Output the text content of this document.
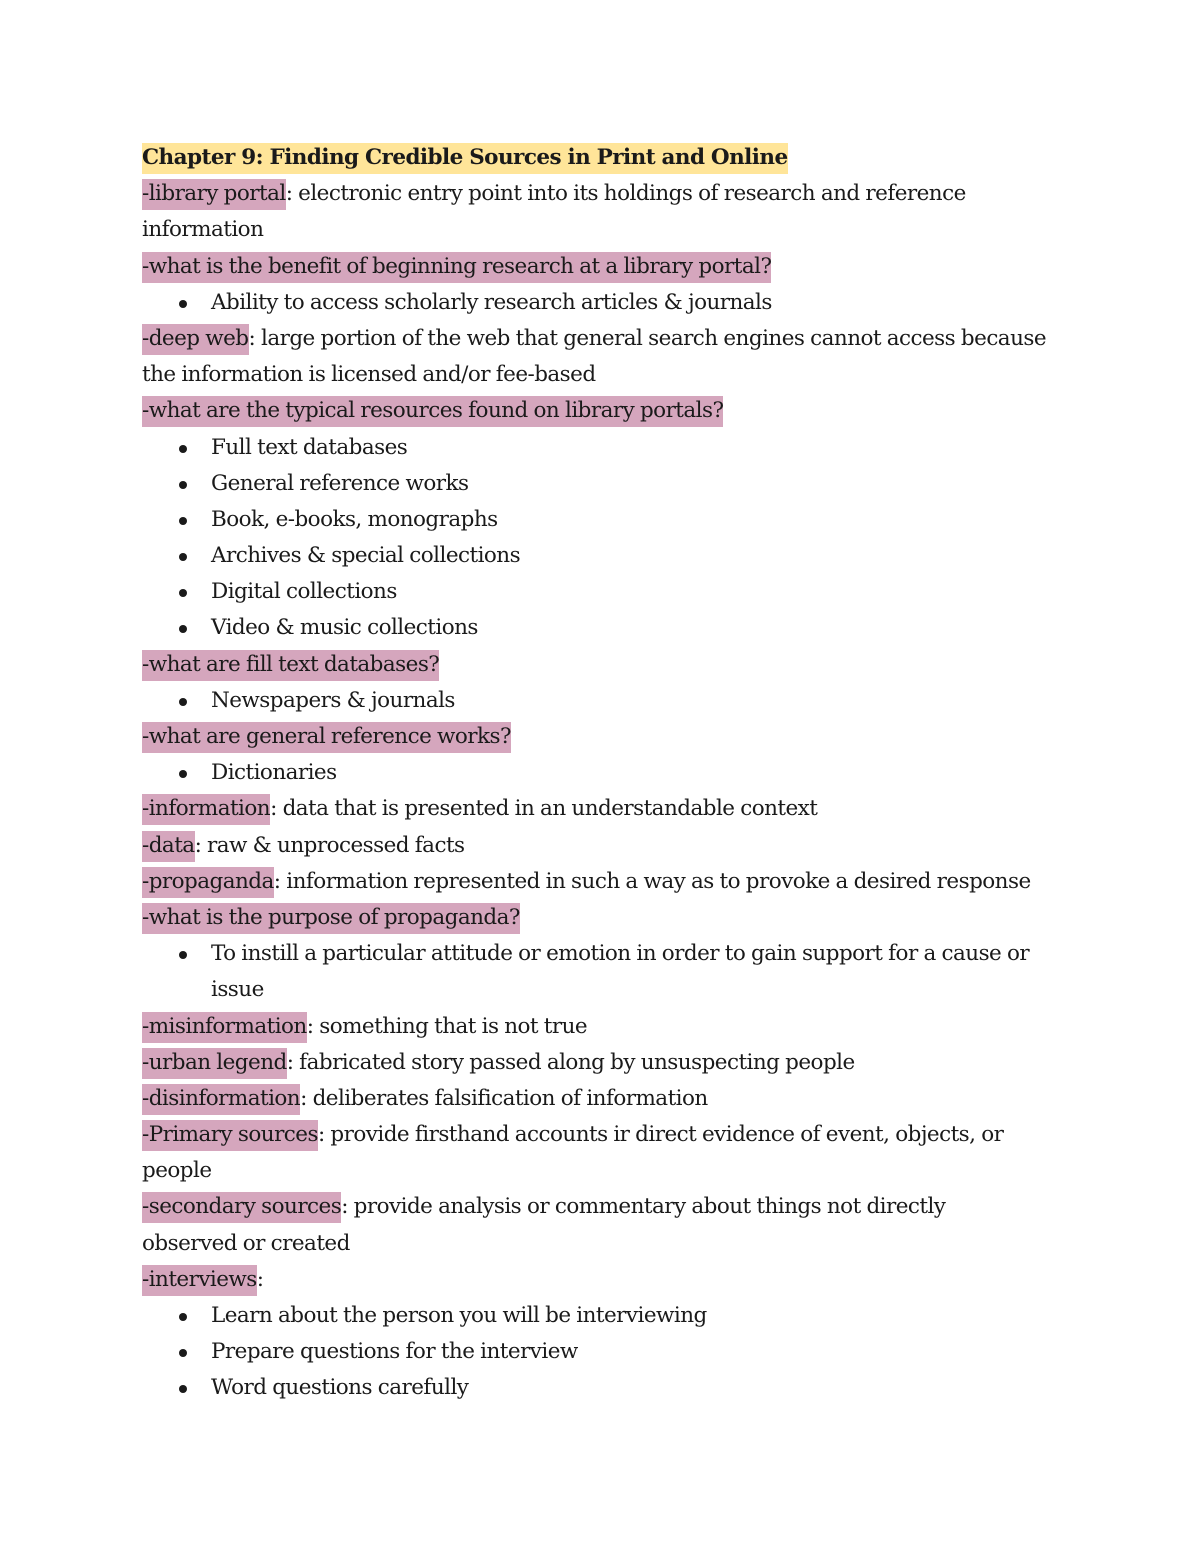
Chapter 9: Finding Credible Sources in Print and Online
-library portal: electronic entry point into its holdings of research and reference
information
-what is the benefit of beginning research at a library portal?
Ability to access scholarly research articles & journals
-deep web: large portion of the web that general search engines cannot access because
the information is licensed and/or fee-based
-what are the typical resources found on library portals?
Full text databases
General reference works
Book, e-books, monographs
Archives & special collections
Digital collections
Video & music collections
-what are fill text databases?
Newspapers & journals
-what are general reference works?
Dictionaries
-information: data that is presented in an understandable context
-data: raw & unprocessed facts
-propaganda: information represented in such a way as to provoke a desired response
-what is the purpose of propaganda?
To instill a particular attitude or emotion in order to gain support for a cause or
issue
-misinformation: something that is not true
-urban legend: fabricated story passed along by unsuspecting people
-disinformation: deliberates falsification of information
-Primary sources: provide firsthand accounts ir direct evidence of event, objects, or
people
-secondary sources: provide analysis or commentary about things not directly
observed or created
-interviews:
Learn about the person you will be interviewing
Prepare questions for the interview
Word questions carefully
